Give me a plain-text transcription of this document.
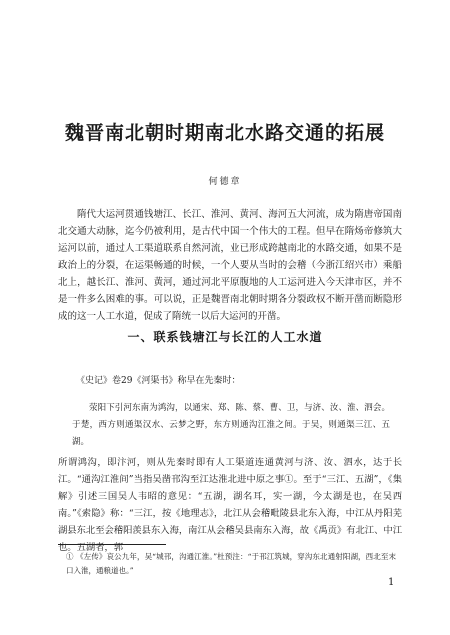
魏晋南北朝时期南北水路交通的拓展
何德章
隋代大运河贯通钱塘江、长江、淮河、黄河、海河五大河流，成为隋唐帝国南北交通大动脉，迄今仍被利用，是古代中国一个伟大的工程。但早在隋炀帝修筑大运河以前，通过人工渠道联系自然河流，业已形成跨越南北的水路交通，如果不是政治上的分裂，在运渠畅通的时候，一个人要从当时的会稽（今浙江绍兴市）乘船北上，越长江、淮河、黄河，通过河北平原腹地的人工运河进入今天津市区，并不是一件多么困难的事。可以说，正是魏晋南北朝时期各分裂政权不断开凿而断隐形成的这一人工水道，促成了隋统一以后大运河的开凿。
一、联系钱塘江与长江的人工水道
《史记》卷29《河渠书》称早在先秦时：
荥阳下引河东南为鸿沟，以通宋、郑、陈、蔡、曹、卫，与济、汝、淮、泗会。于楚，西方则通渠汉水、云梦之野，东方则通沟江淮之间。于吴，则通渠三江、五湖。
所谓鸿沟，即汴河，则从先秦时即有人工渠道连通黄河与济、汝、泗水，达于长江。“通沟江淮间”当指吴凿邗沟至江达淮北进中原之事①。至于“三江、五湖”，《集解》引述三国吴人韦昭的意见：“五湖，湖名耳，实一湖，今太湖是也，在吴西南。”《索隐》称：“三江，按《地理志》，北江从会稽毗陵县北东入海，中江从丹阳芜湖县东北至会稽阳羡县东入海，南江从会稽吴县南东入海，故《禹贡》有北江、中江也。五湖者，郭
① 《左传》哀公九年，吴“城邗，沟通江淮。”杜预注：“于邗江筑城，穿沟东北通射阳湖，西北至末口入淮，通粮道也。”
1
